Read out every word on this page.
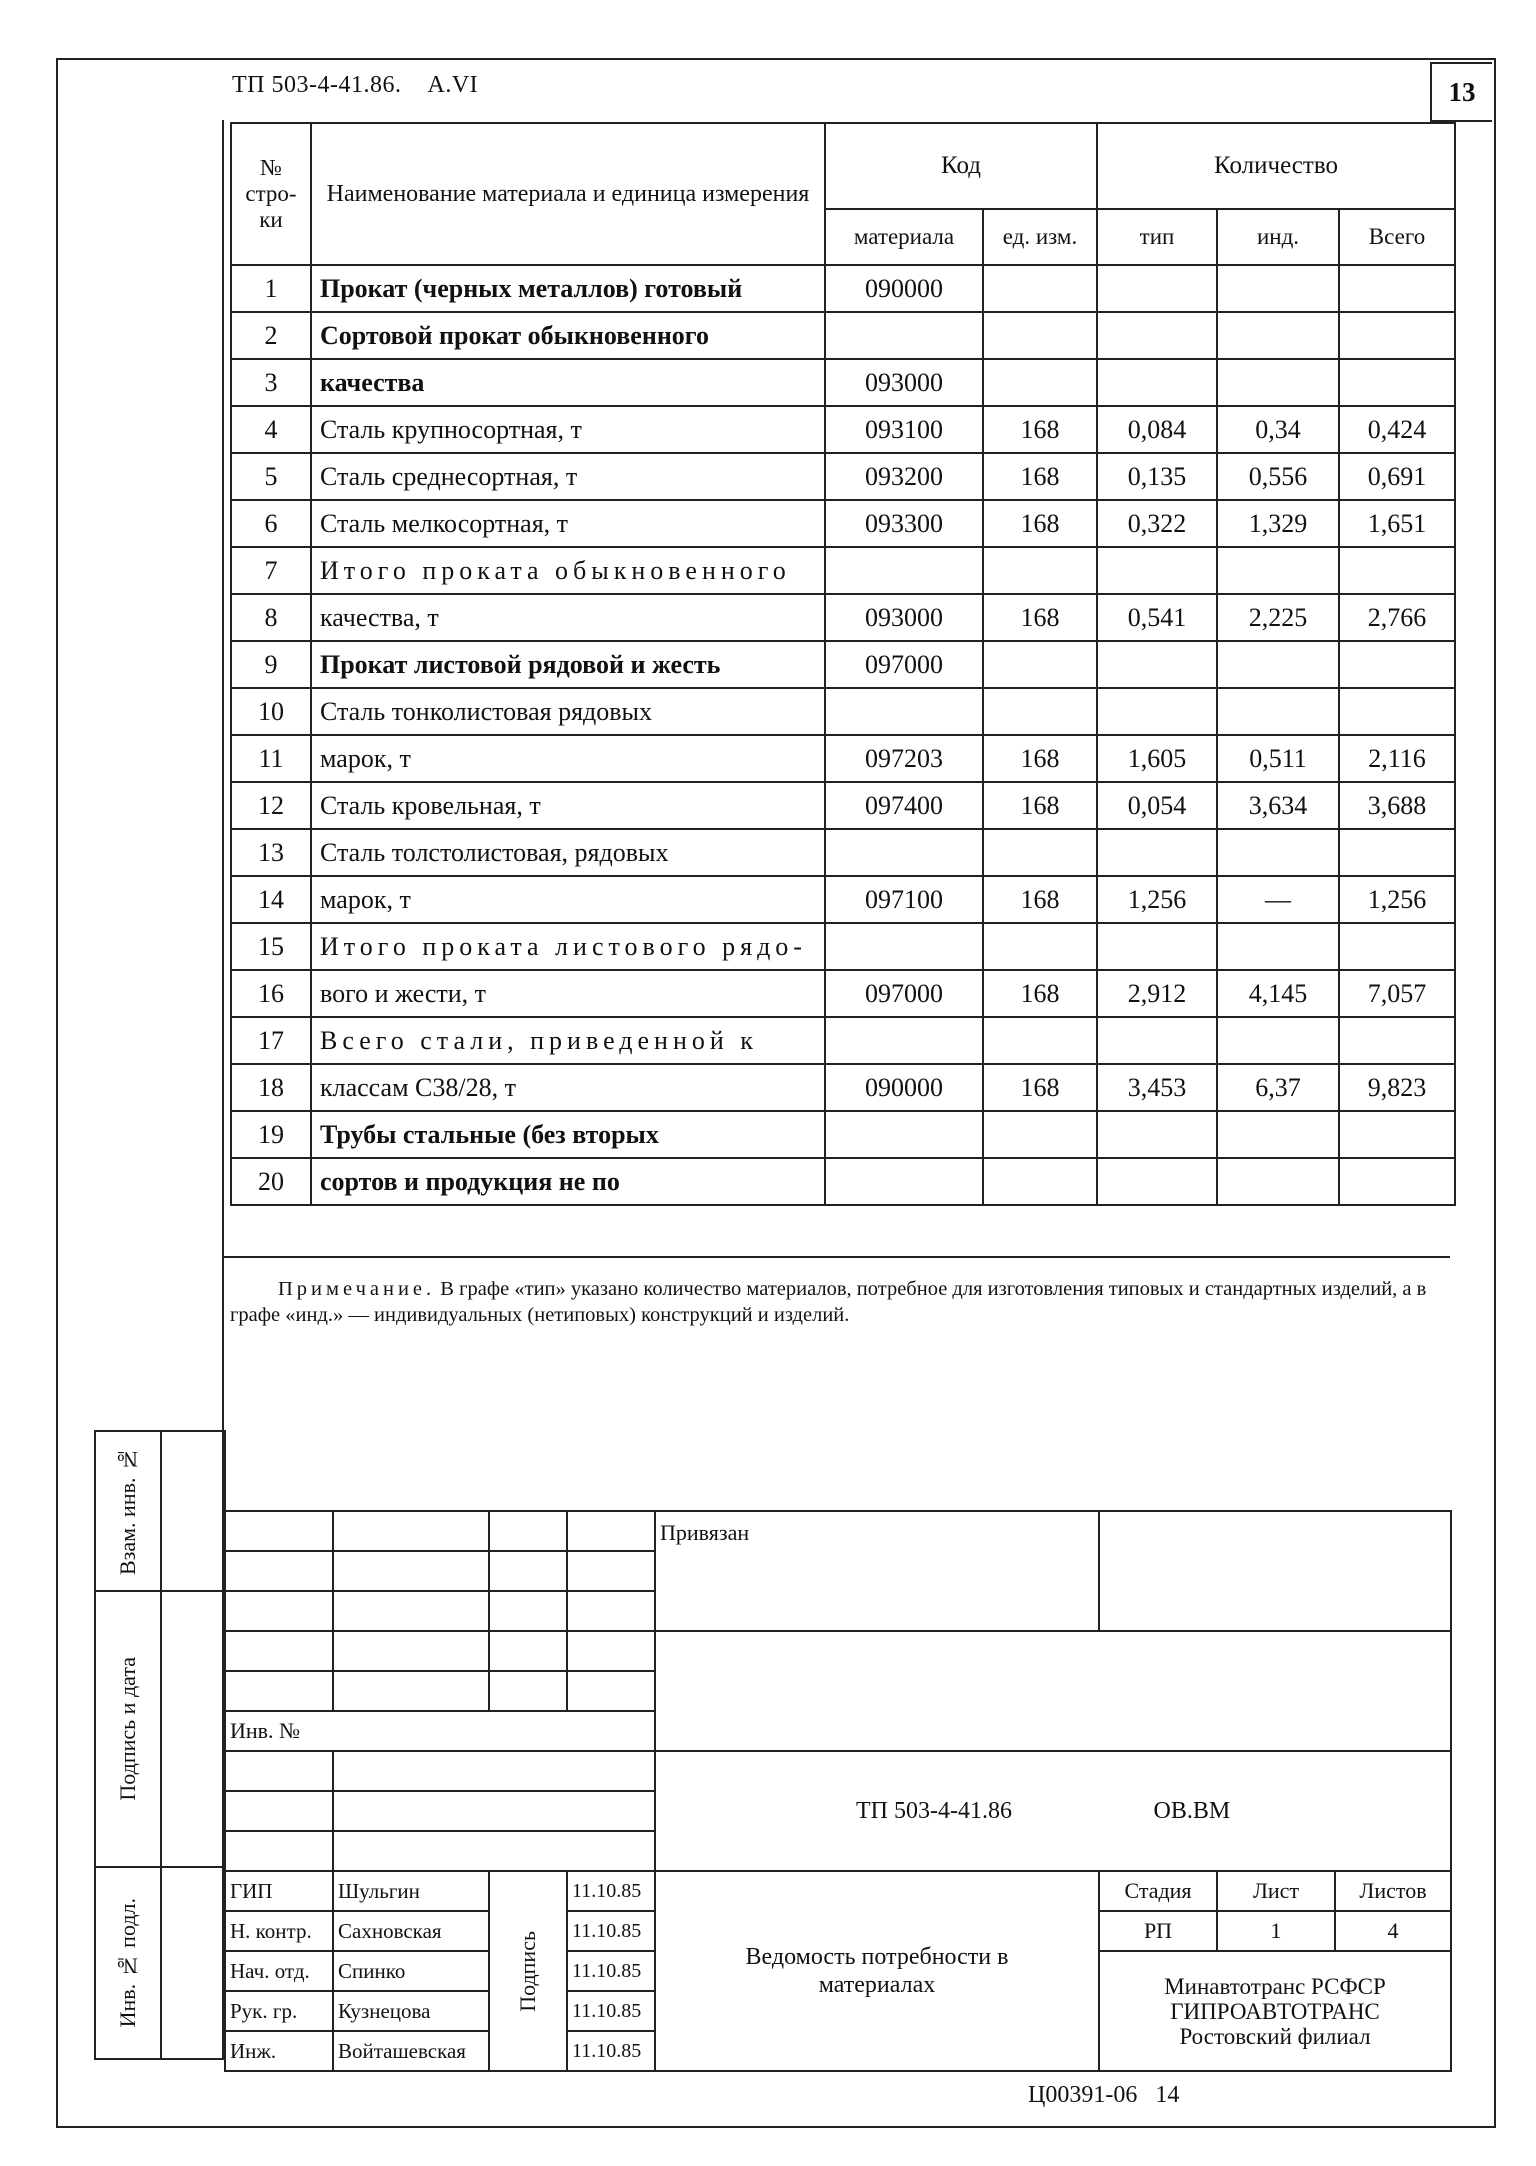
ТП 503-4-41.86. А.VI	13
№ стро- ки	Наименование материала и единица измерения	Код		Количество		
		материала	ед. изм.	тип	инд.	Всего
1	Прокат (черных металлов) готовый	090000				
2	Сортовой прокат обыкновенного					
3	качества	093000				
4	Сталь крупносортная, т	093100	168	0,084	0,34	0,424
5	Сталь среднесортная, т	093200	168	0,135	0,556	0,691
6	Сталь мелкосортная, т	093300	168	0,322	1,329	1,651
7	Итого проката обыкновенного					
8	качества, т	093000	168	0,541	2,225	2,766
9	Прокат листовой рядовой и жесть	097000				
10	Сталь тонколистовая рядовых					
11	марок, т	097203	168	1,605	0,511	2,116
12	Сталь кровельная, т	097400	168	0,054	3,634	3,688
13	Сталь толстолистовая, рядовых					
14	марок, т	097100	168	1,256	—	1,256
15	Итого проката листового рядо-					
16	вого и жести, т	097000	168	2,912	4,145	7,057
17	Всего стали, приведенной к					
18	классам С38/28, т	090000	168	3,453	6,37	9,823
19	Трубы стальные (без вторых					
20	сортов и продукция не по					
Примечание. В графе «тип» указано количество материалов, потребное для изготовления типовых и стандартных изделий, а в графе «инд.» — индивидуальных (нетиповых) конструкций и изделий.
Взам. инв. №	

Подпись и дата	

Инв. № подл.	

				Привязан			

Инв. №							
				ТП 503-4-41.86 ОВ.ВМ			

ГИП	Шульгин	Подпись	11.10.85	Ведомость потребности в материалах	Стадия	Лист	Листов
Н. контр.	Сахновская		11.10.85		РП	1	4
Нач. отд.	Спинко		11.10.85		Минавтотранс РСФСР
ГИПРОАВТОТРАНС
Ростовский филиал		

Рук. гр.	Кузнецова		11.10.85				
Инж.	Войташевская		11.10.85				
Ц00391-06 14
